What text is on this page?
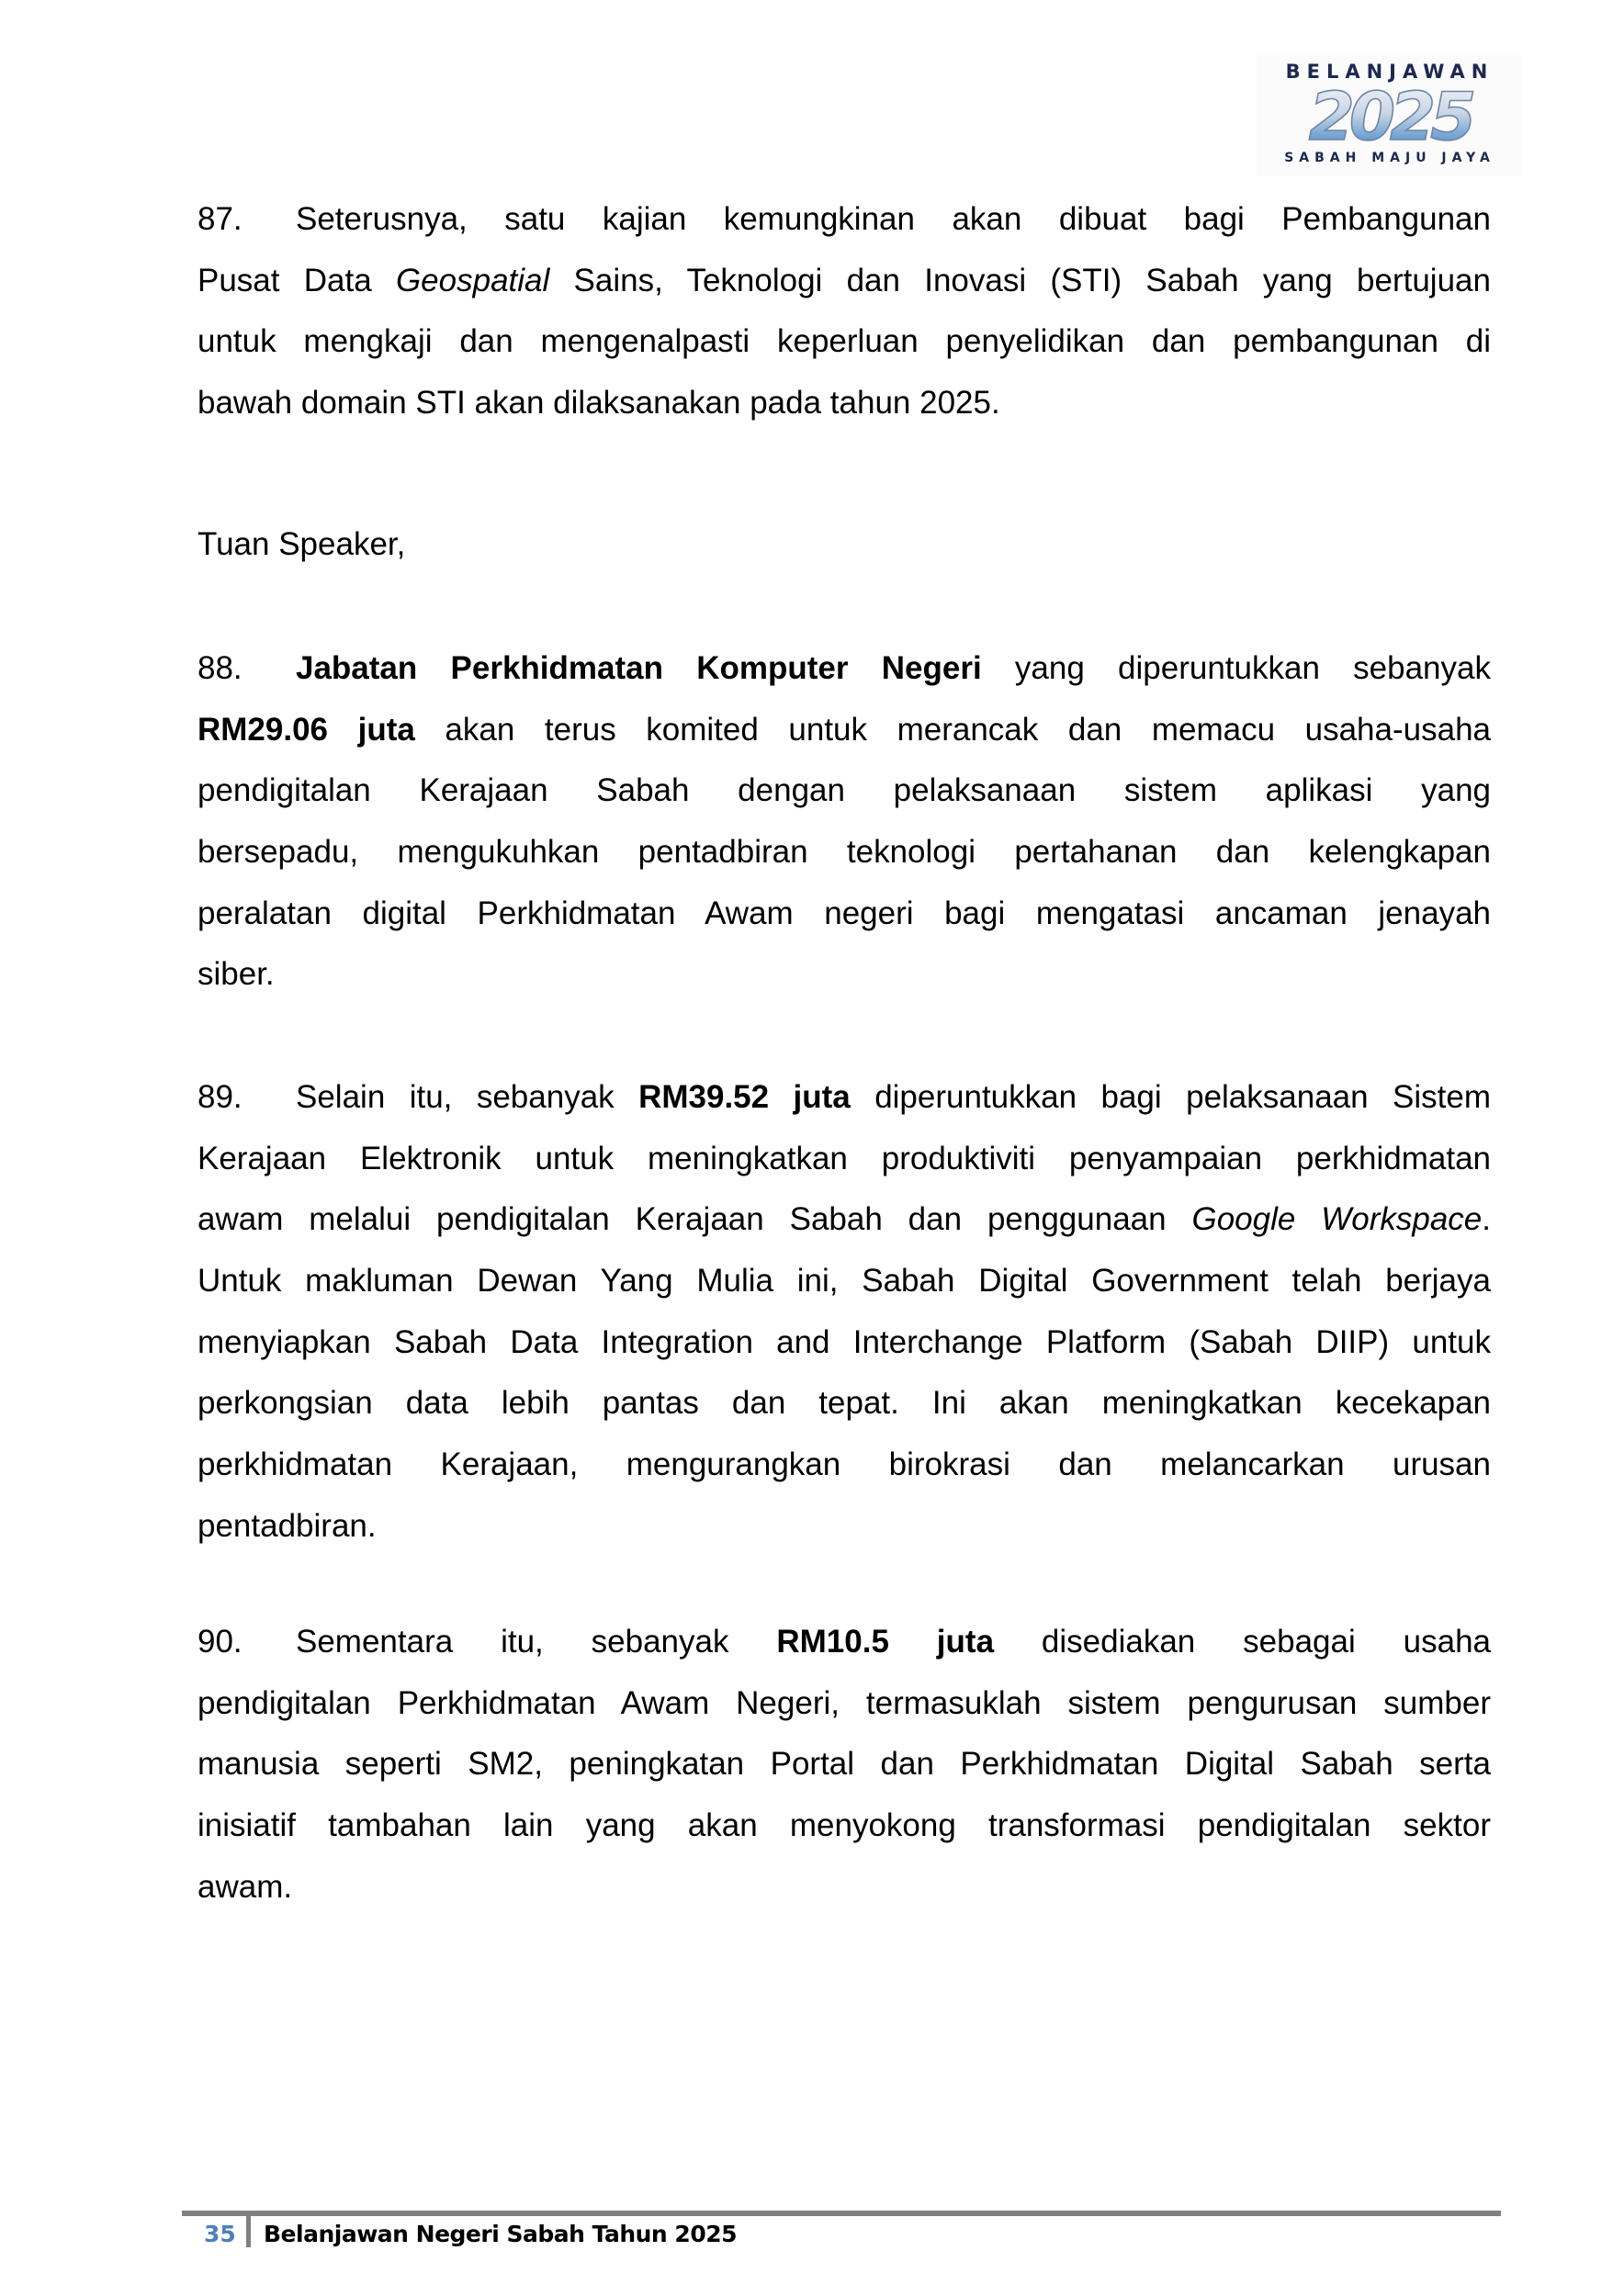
BELANJAWAN
2025
SABAH MAJU JAYA
87. Seterusnya, satu kajian kemungkinan akan dibuat bagi Pembangunan
Pusat Data Geospatial Sains, Teknologi dan Inovasi (STI) Sabah yang bertujuan
untuk mengkaji dan mengenalpasti keperluan penyelidikan dan pembangunan di
bawah domain STI akan dilaksanakan pada tahun 2025.
Tuan Speaker,
88. Jabatan Perkhidmatan Komputer Negeri yang diperuntukkan sebanyak
RM29.06 juta akan terus komited untuk merancak dan memacu usaha-usaha
pendigitalan Kerajaan Sabah dengan pelaksanaan sistem aplikasi yang
bersepadu, mengukuhkan pentadbiran teknologi pertahanan dan kelengkapan
peralatan digital Perkhidmatan Awam negeri bagi mengatasi ancaman jenayah
siber.
89. Selain itu, sebanyak RM39.52 juta diperuntukkan bagi pelaksanaan Sistem
Kerajaan Elektronik untuk meningkatkan produktiviti penyampaian perkhidmatan
awam melalui pendigitalan Kerajaan Sabah dan penggunaan Google Workspace.
Untuk makluman Dewan Yang Mulia ini, Sabah Digital Government telah berjaya
menyiapkan Sabah Data Integration and Interchange Platform (Sabah DIIP) untuk
perkongsian data lebih pantas dan tepat. Ini akan meningkatkan kecekapan
perkhidmatan Kerajaan, mengurangkan birokrasi dan melancarkan urusan
pentadbiran.
90. Sementara itu, sebanyak RM10.5 juta disediakan sebagai usaha
pendigitalan Perkhidmatan Awam Negeri, termasuklah sistem pengurusan sumber
manusia seperti SM2, peningkatan Portal dan Perkhidmatan Digital Sabah serta
inisiatif tambahan lain yang akan menyokong transformasi pendigitalan sektor
awam.
35 Belanjawan Negeri Sabah Tahun 2025
